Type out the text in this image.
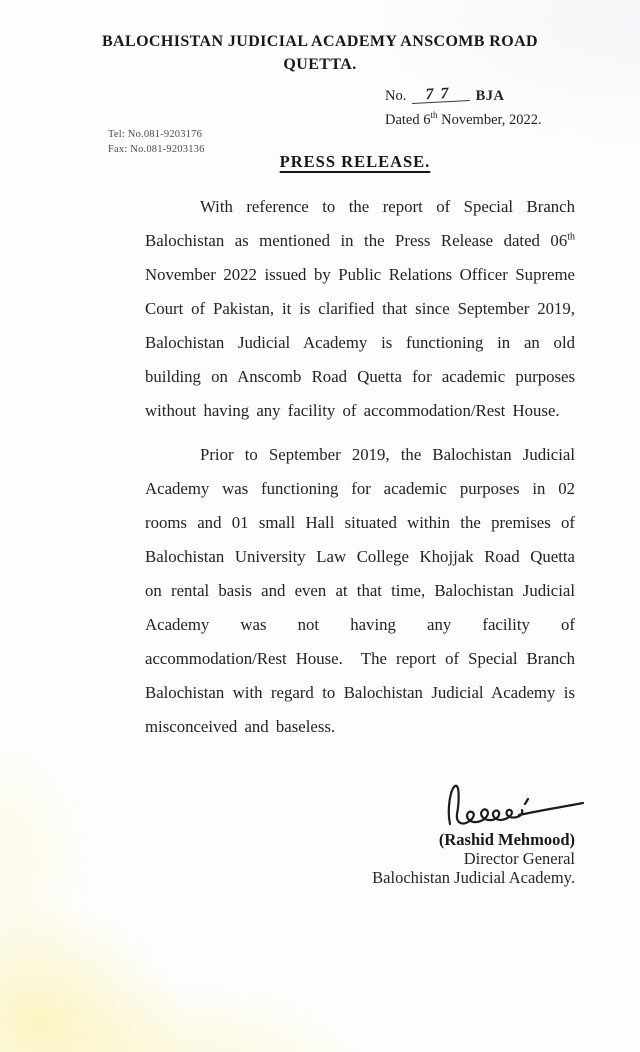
BALOCHISTAN JUDICIAL ACADEMY ANSCOMB ROAD QUETTA.
No. 77 BJA
Dated 6th November, 2022.
Tel: No.081-9203176
Fax: No.081-9203136
PRESS RELEASE.

With reference to the report of Special Branch Balochistan as mentioned in the Press Release dated 06th November 2022 issued by Public Relations Officer Supreme Court of Pakistan, it is clarified that since September 2019, Balochistan Judicial Academy is functioning in an old building on Anscomb Road Quetta for academic purposes without having any facility of accommodation/Rest House.

Prior to September 2019, the Balochistan Judicial Academy was functioning for academic purposes in 02 rooms and 01 small Hall situated within the premises of Balochistan University Law College Khojjak Road Quetta on rental basis and even at that time, Balochistan Judicial Academy was not having any facility of accommodation/Rest House.  The report of Special Branch Balochistan with regard to Balochistan Judicial Academy is misconceived and baseless.

(Rashid Mehmood)
Director General
Balochistan Judicial Academy.
